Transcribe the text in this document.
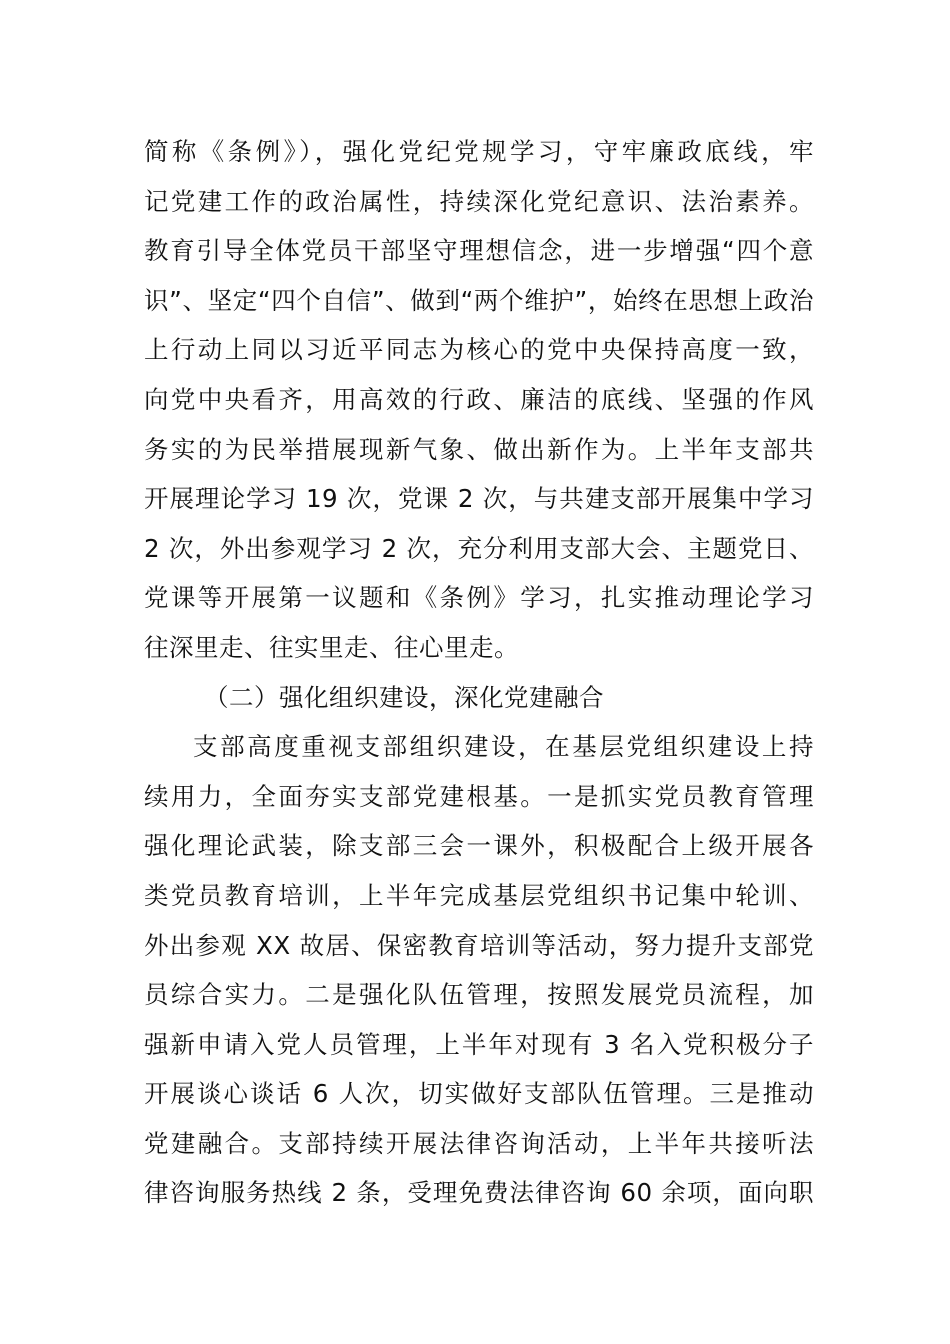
简称《条例》），强化党纪党规学习，守牢廉政底线，牢
记党建工作的政治属性，持续深化党纪意识、法治素养。
教育引导全体党员干部坚守理想信念，进一步增强“四个意
识”、坚定“四个自信”、做到“两个维护”，始终在思想上政治
上行动上同以习近平同志为核心的党中央保持高度一致，
向党中央看齐，用高效的行政、廉洁的底线、坚强的作风
务实的为民举措展现新气象、做出新作为。上半年支部共
开展理论学习 19 次，党课 2 次，与共建支部开展集中学习
2 次，外出参观学习 2 次，充分利用支部大会、主题党日、
党课等开展第一议题和《条例》学习，扎实推动理论学习
往深里走、往实里走、往心里走。
（二）强化组织建设，深化党建融合
支部高度重视支部组织建设，在基层党组织建设上持
续用力，全面夯实支部党建根基。一是抓实党员教育管理
强化理论武装，除支部三会一课外，积极配合上级开展各
类党员教育培训，上半年完成基层党组织书记集中轮训、
外出参观 XX 故居、保密教育培训等活动，努力提升支部党
员综合实力。二是强化队伍管理，按照发展党员流程，加
强新申请入党人员管理，上半年对现有 3 名入党积极分子
开展谈心谈话 6 人次，切实做好支部队伍管理。三是推动
党建融合。支部持续开展法律咨询活动，上半年共接听法
律咨询服务热线 2 条，受理免费法律咨询 60 余项，面向职
